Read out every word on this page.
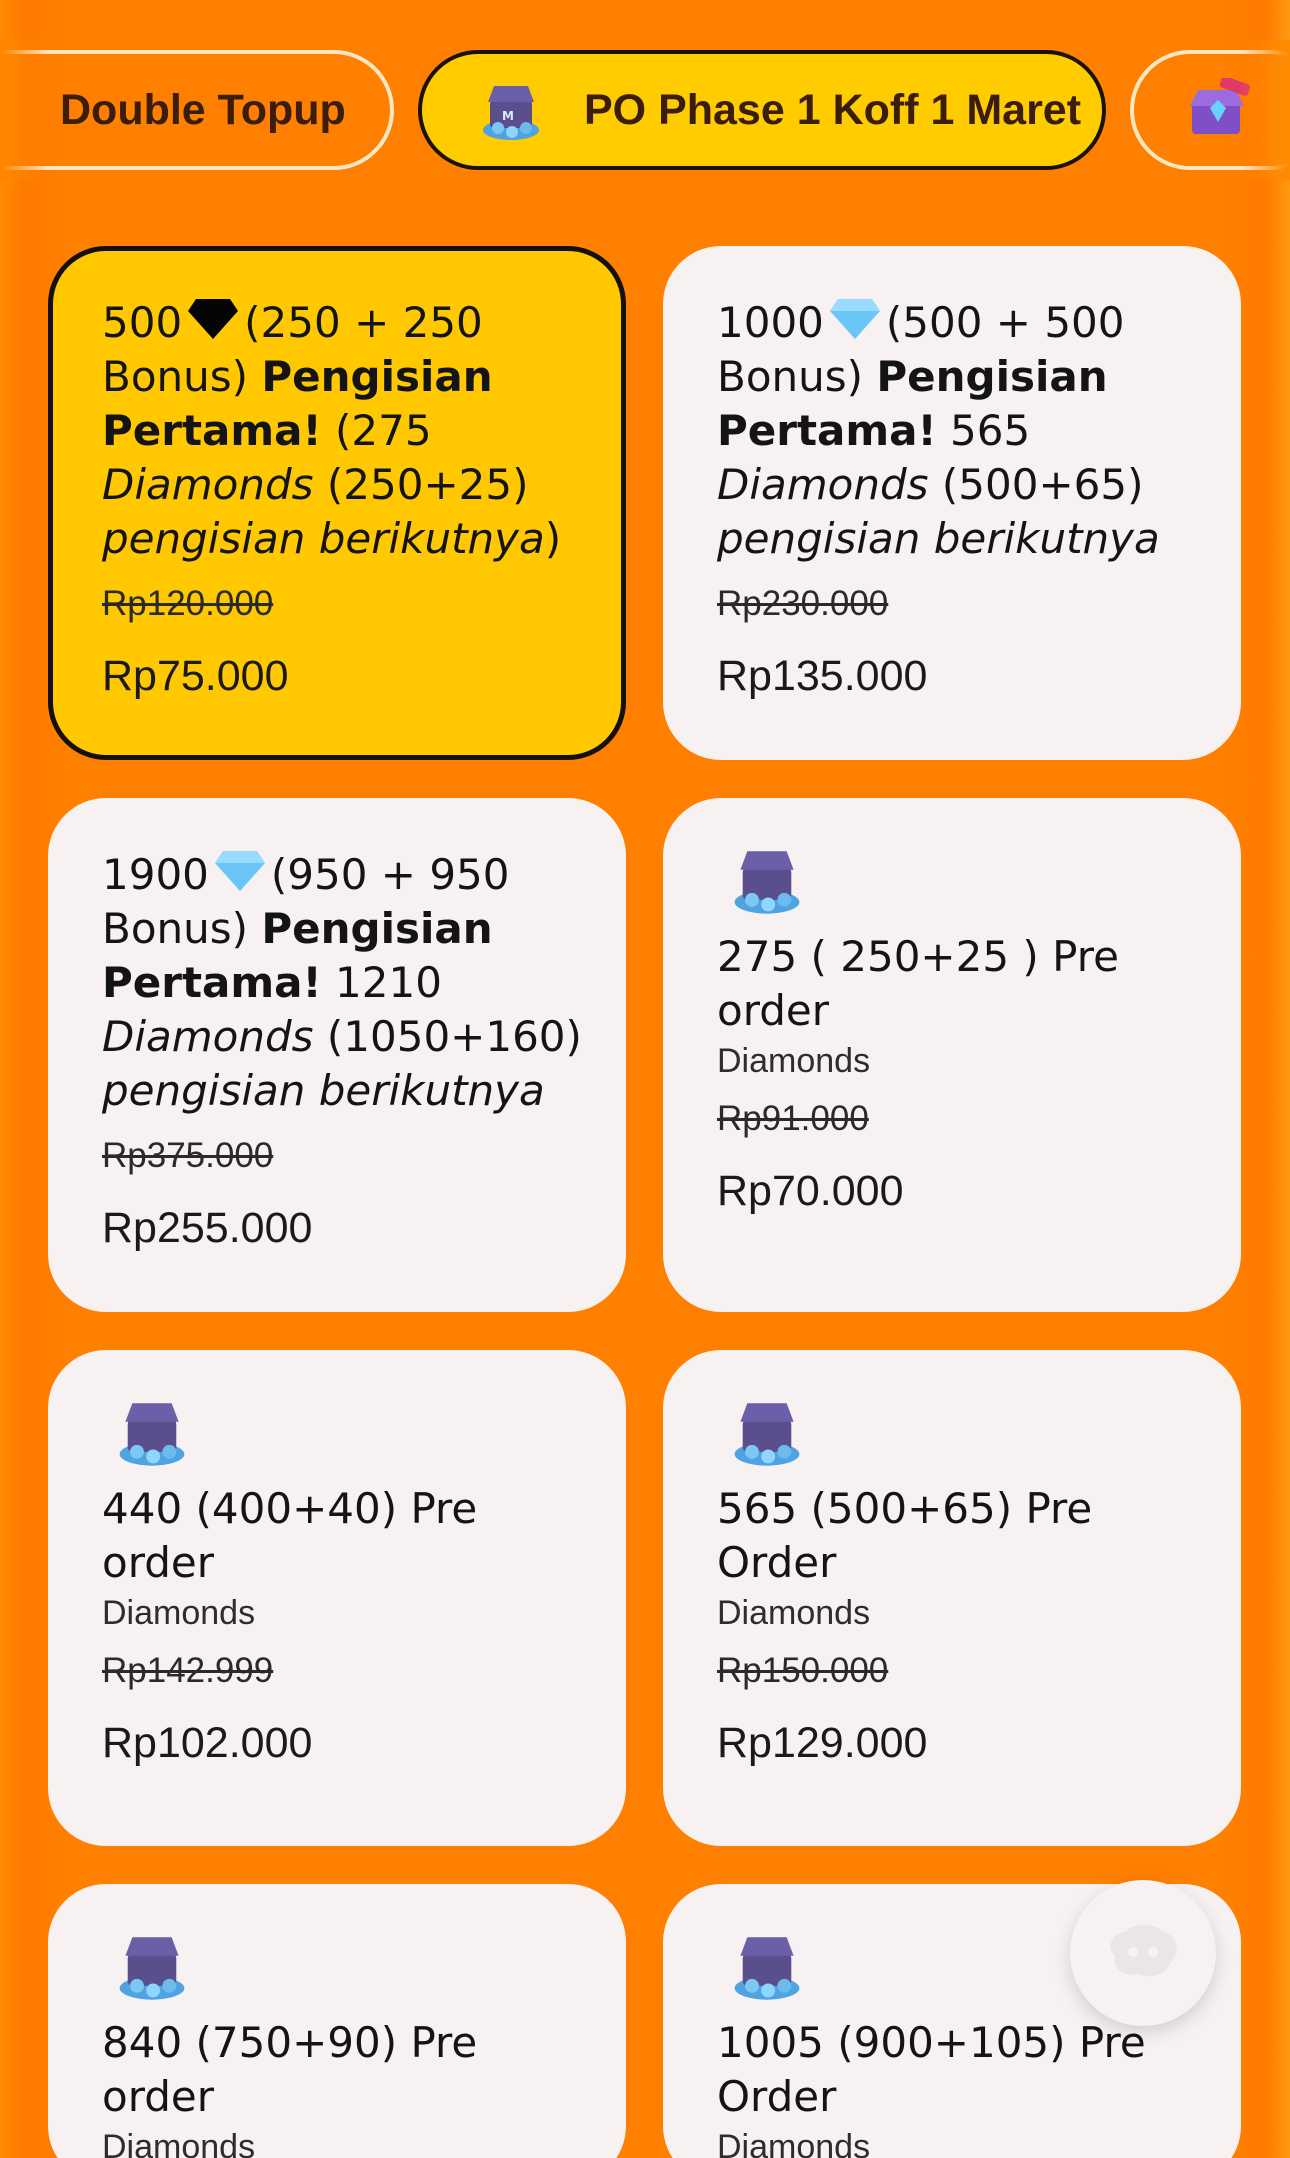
Double Topup	M PO Phase 1 Koff 1 Maret
500 (250 + 250 Bonus) Pengisian Pertama! (275 Diamonds (250+25) pengisian berikutnya)
Rp120.000
Rp75.000
1000 (500 + 500 Bonus) Pengisian Pertama! 565 Diamonds (500+65) pengisian berikutnya
Rp230.000
Rp135.000
1900 (950 + 950 Bonus) Pengisian Pertama! 1210 Diamonds (1050+160) pengisian berikutnya
Rp375.000
Rp255.000
275 ( 250+25 ) Pre order
Diamonds
Rp91.000
Rp70.000
440 (400+40) Pre order
Diamonds
Rp142.999
Rp102.000
565 (500+65) Pre Order
Diamonds
Rp150.000
Rp129.000
840 (750+90) Pre order
Diamonds
1005 (900+105) Pre Order
Diamonds
